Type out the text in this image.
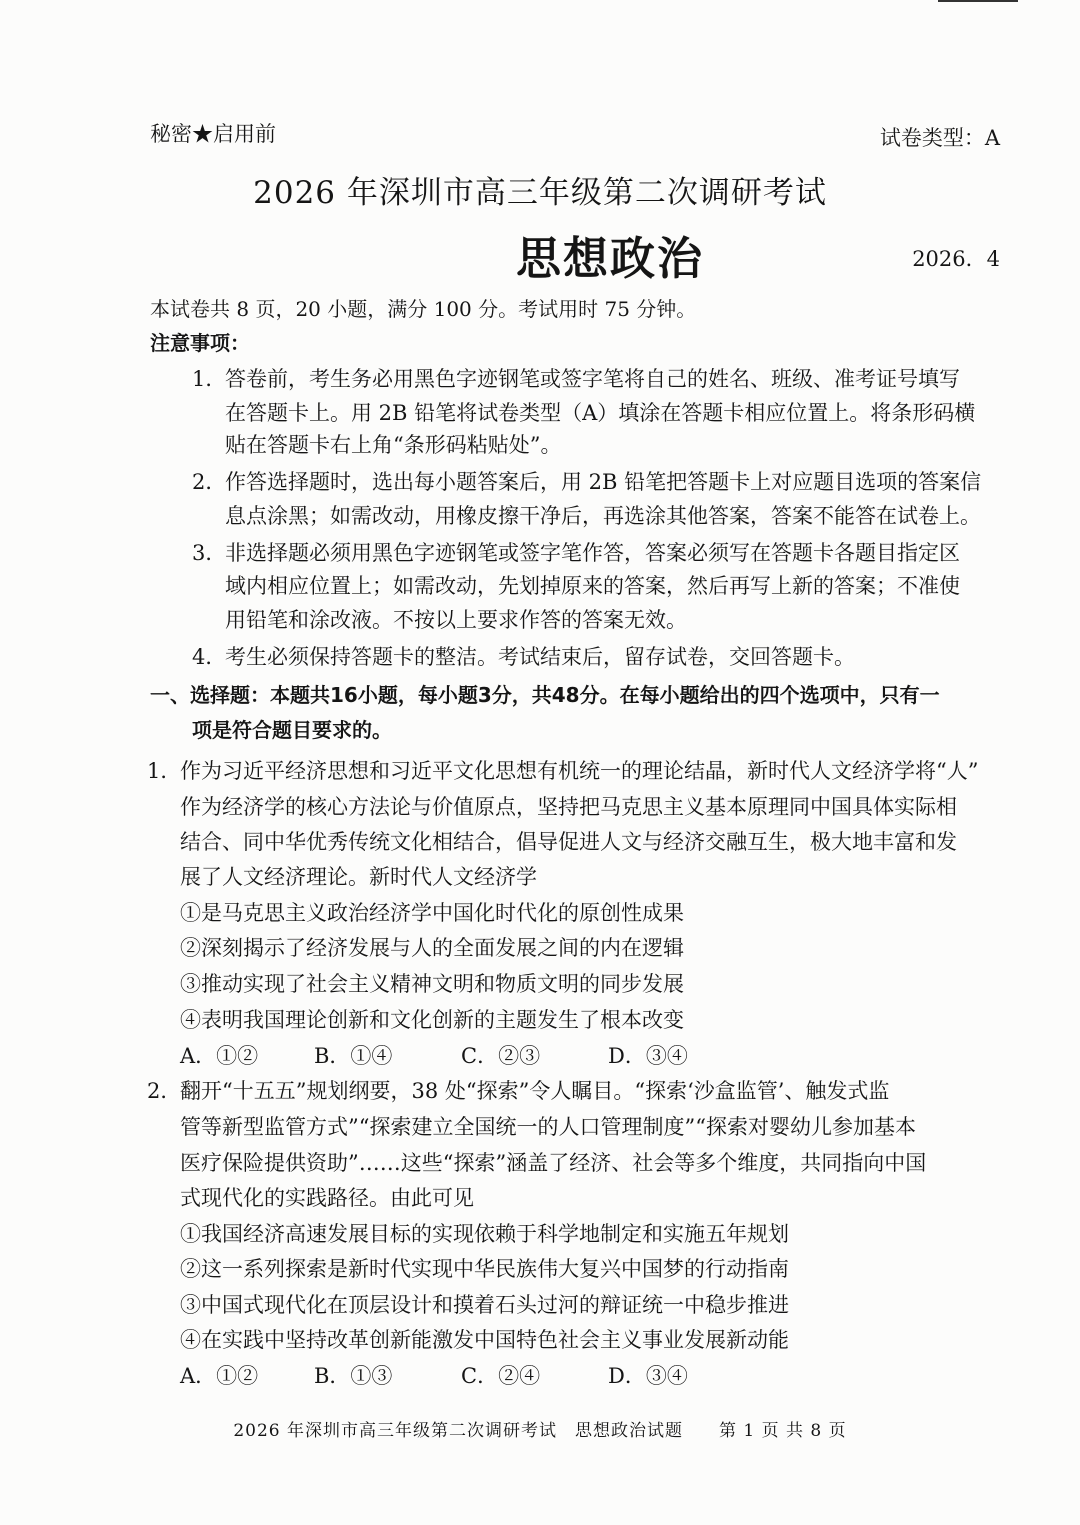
秘密★启用前	试卷类型：A
2026 年深圳市高三年级第二次调研考试
思想政治	2026．4
本试卷共 8 页，20 小题，满分 100 分。考试用时 75 分钟。
注意事项：
1．
答卷前，考生务必用黑色字迹钢笔或签字笔将自己的姓名、班级、准考证号填写
在答题卡上。用 2B 铅笔将试卷类型（A）填涂在答题卡相应位置上。将条形码横
贴在答题卡右上角“条形码粘贴处”。
2．
作答选择题时，选出每小题答案后，用 2B 铅笔把答题卡上对应题目选项的答案信
息点涂黑；如需改动，用橡皮擦干净后，再选涂其他答案，答案不能答在试卷上。
3．
非选择题必须用黑色字迹钢笔或签字笔作答，答案必须写在答题卡各题目指定区
域内相应位置上；如需改动，先划掉原来的答案，然后再写上新的答案；不准使
用铅笔和涂改液。不按以上要求作答的答案无效。
4．
考生必须保持答题卡的整洁。考试结束后，留存试卷，交回答题卡。
一、选择题：本题共16小题，每小题3分，共48分。在每小题给出的四个选项中，只有一
项是符合题目要求的。
1．
作为习近平经济思想和习近平文化思想有机统一的理论结晶，新时代人文经济学将“人”
作为经济学的核心方法论与价值原点，坚持把马克思主义基本原理同中国具体实际相
结合、同中华优秀传统文化相结合，倡导促进人文与经济交融互生，极大地丰富和发
展了人文经济理论。新时代人文经济学
①是马克思主义政治经济学中国化时代化的原创性成果
②深刻揭示了经济发展与人的全面发展之间的内在逻辑
③推动实现了社会主义精神文明和物质文明的同步发展
④表明我国理论创新和文化创新的主题发生了根本改变
A．①②	B．①④	C．②③	D．③④
2．
翻开“十五五”规划纲要，38 处“探索”令人瞩目。“探索‘沙盒监管’、触发式监
管等新型监管方式”“探索建立全国统一的人口管理制度”“探索对婴幼儿参加基本
医疗保险提供资助”……这些“探索”涵盖了经济、社会等多个维度，共同指向中国
式现代化的实践路径。由此可见
①我国经济高速发展目标的实现依赖于科学地制定和实施五年规划
②这一系列探索是新时代实现中华民族伟大复兴中国梦的行动指南
③中国式现代化在顶层设计和摸着石头过河的辩证统一中稳步推进
④在实践中坚持改革创新能激发中国特色社会主义事业发展新动能
A．①②	B．①③	C．②④	D．③④
2026 年深圳市高三年级第二次调研考试　思想政治试题　　第 1 页 共 8 页
